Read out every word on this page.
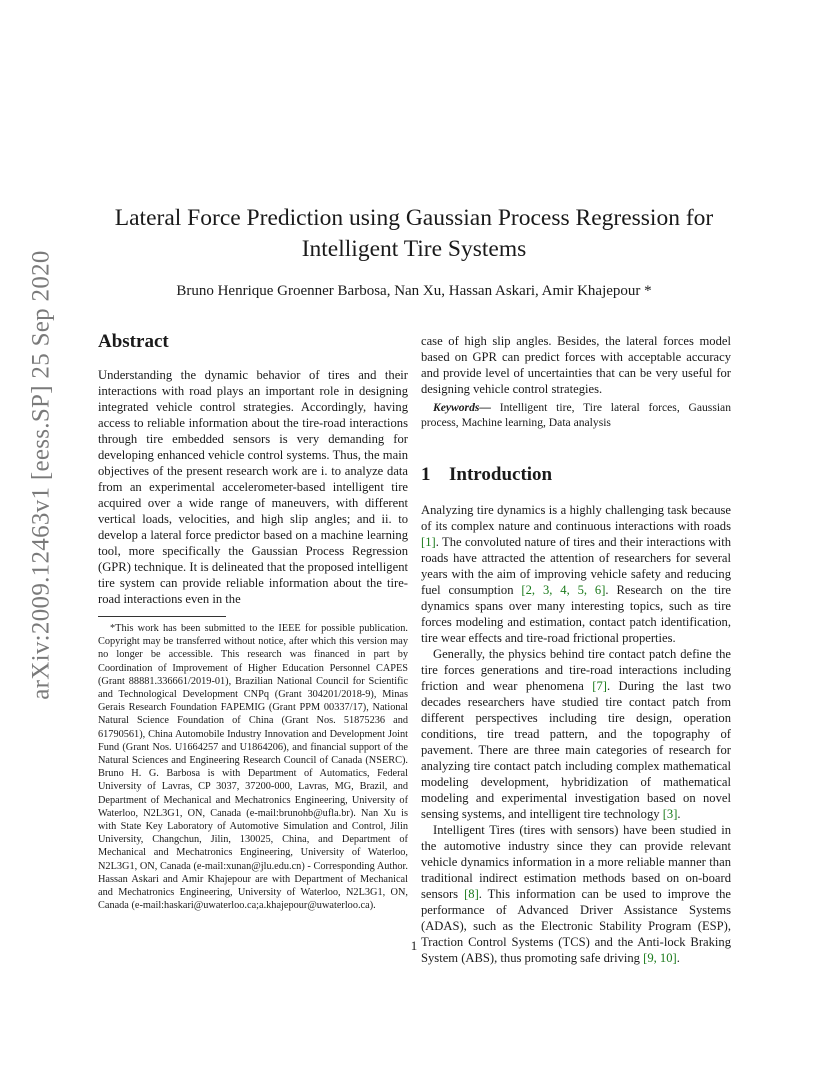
arXiv:2009.12463v1 [eess.SP] 25 Sep 2020
Lateral Force Prediction using Gaussian Process Regression for
Intelligent Tire Systems
Bruno Henrique Groenner Barbosa, Nan Xu, Hassan Askari, Amir Khajepour *
Abstract

Understanding the dynamic behavior of tires and their interactions with road plays an important role in designing integrated vehicle control strategies. Accordingly, having access to reliable information about the tire-road interactions through tire embedded sensors is very demanding for developing enhanced vehicle control systems. Thus, the main objectives of the present research work are i. to analyze data from an experimental accelerometer-based intelligent tire acquired over a wide range of maneuvers, with different vertical loads, velocities, and high slip angles; and ii. to develop a lateral force predictor based on a machine learning tool, more specifically the Gaussian Process Regression (GPR) technique. It is delineated that the proposed intelligent tire system can provide reliable information about the tire-road interactions even in the

*This work has been submitted to the IEEE for possible publication. Copyright may be transferred without notice, after which this version may no longer be accessible. This research was financed in part by Coordination of Improvement of Higher Education Personnel CAPES (Grant 88881.336661/2019-01), Brazilian National Council for Scientific and Technological Development CNPq (Grant 304201/2018-9), Minas Gerais Research Foundation FAPEMIG (Grant PPM 00337/17), National Natural Science Foundation of China (Grant Nos. 51875236 and 61790561), China Automobile Industry Innovation and Development Joint Fund (Grant Nos. U1664257 and U1864206), and financial support of the Natural Sciences and Engineering Research Council of Canada (NSERC). Bruno H. G. Barbosa is with Department of Automatics, Federal University of Lavras, CP 3037, 37200-000, Lavras, MG, Brazil, and Department of Mechanical and Mechatronics Engineering, University of Waterloo, N2L3G1, ON, Canada (e-mail:brunohb@ufla.br). Nan Xu is with State Key Laboratory of Automotive Simulation and Control, Jilin University, Changchun, Jilin, 130025, China, and Department of Mechanical and Mechatronics Engineering, University of Waterloo, N2L3G1, ON, Canada (e-mail:xunan@jlu.edu.cn) - Corresponding Author. Hassan Askari and Amir Khajepour are with Department of Mechanical and Mechatronics Engineering, University of Waterloo, N2L3G1, ON, Canada (e-mail:haskari@uwaterloo.ca;a.khajepour@uwaterloo.ca).

case of high slip angles. Besides, the lateral forces model based on GPR can predict forces with acceptable accuracy and provide level of uncertainties that can be very useful for designing vehicle control strategies.

Keywords— Intelligent tire, Tire lateral forces, Gaussian process, Machine learning, Data analysis

1 Introduction

Analyzing tire dynamics is a highly challenging task because of its complex nature and continuous interactions with roads [1]. The convoluted nature of tires and their interactions with roads have attracted the attention of researchers for several years with the aim of improving vehicle safety and reducing fuel consumption [2, 3, 4, 5, 6]. Research on the tire dynamics spans over many interesting topics, such as tire forces modeling and estimation, contact patch identification, tire wear effects and tire-road frictional properties.

Generally, the physics behind tire contact patch define the tire forces generations and tire-road interactions including friction and wear phenomena [7]. During the last two decades researchers have studied tire contact patch from different perspectives including tire design, operation conditions, tire tread pattern, and the topography of pavement. There are three main categories of research for analyzing tire contact patch including complex mathematical modeling development, hybridization of mathematical modeling and experimental investigation based on novel sensing systems, and intelligent tire technology [3].

Intelligent Tires (tires with sensors) have been studied in the automotive industry since they can provide relevant vehicle dynamics information in a more reliable manner than traditional indirect estimation methods based on on-board sensors [8]. This information can be used to improve the performance of Advanced Driver Assistance Systems (ADAS), such as the Electronic Stability Program (ESP), Traction Control Systems (TCS) and the Anti-lock Braking System (ABS), thus promoting safe driving [9, 10].

1
